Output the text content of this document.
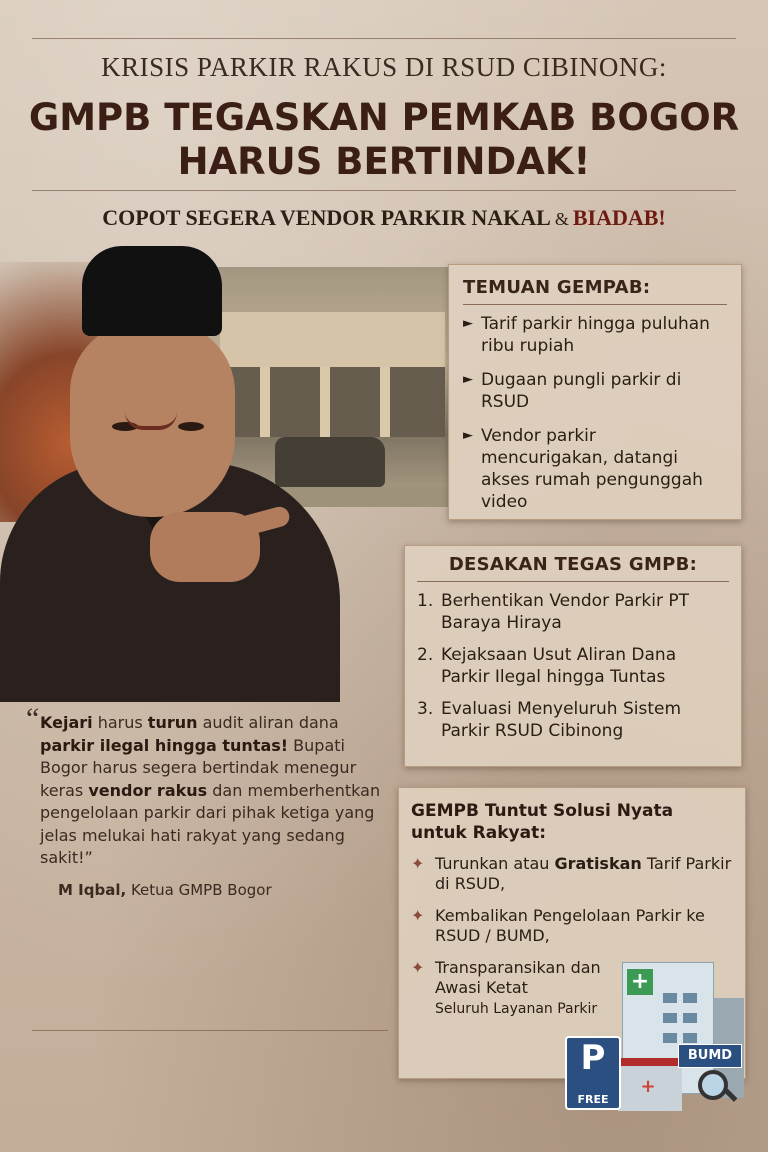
KRISIS PARKIR RAKUS DI RSUD CIBINONG:
GMPB TEGASKAN PEMKAB BOGOR
HARUS BERTINDAK!
COPOT SEGERA VENDOR PARKIR NAKAL & BIADAB!
TEMUAN GEMPAB:
► Tarif parkir hingga puluhan ribu rupiah
► Dugaan pungli parkir di RSUD
► Vendor parkir mencurigakan, datangi akses rumah pengunggah video
DESAKAN TEGAS GMPB:
1. Berhentikan Vendor Parkir PT Baraya Hiraya
2. Kejaksaan Usut Aliran Dana Parkir Ilegal hingga Tuntas
3. Evaluasi Menyeluruh Sistem Parkir RSUD Cibinong
“ Kejari harus turun audit aliran dana parkir ilegal hingga tuntas! Bupati Bogor harus segera bertindak menegur keras vendor rakus dan memberhentkan pengelolaan parkir dari pihak ketiga yang jelas melukai hati rakyat yang sedang sakit!”
M Iqbal, Ketua GMPB Bogor
GEMPB Tuntut Solusi Nyata untuk Rakyat:
✦ Turunkan atau Gratiskan Tarif Parkir di RSUD,
✦ Kembalikan Pengelolaan Parkir ke RSUD / BUMD,
✦ Transparansikan dan Awasi Ketat
Seluruh Layanan Parkir
+
+
BUMD
P
FREE
